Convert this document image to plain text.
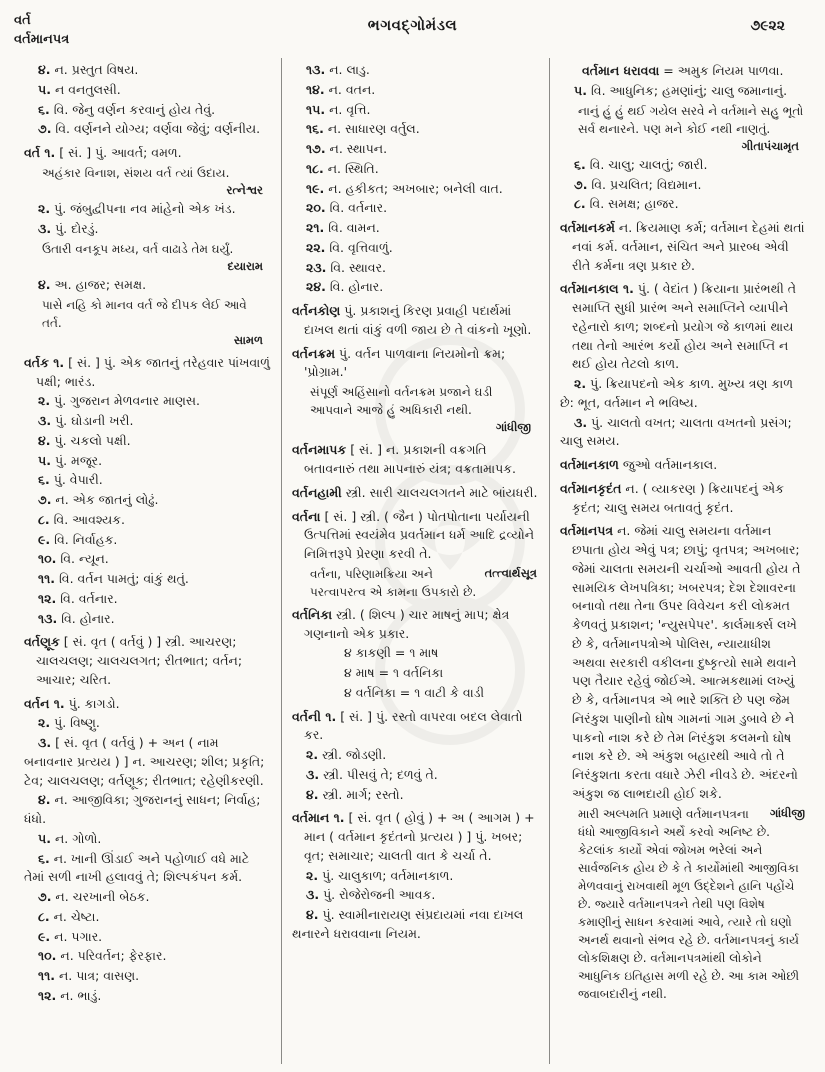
વર્ત
વર્તમાનપત્ર
ભગવદ્ગોમંડલ	૭૯૨૨
૪. ન. પ્રસ્તુત વિષય.
૫. ન વનતુલસી.
૬. વિ. જેનુ વર્ણન કરવાનું હોય તેવું.
૭. વિ. વર્ણનને યોગ્ય; વર્ણવા જેવું; વર્ણનીય.
વર્ત ૧. [ સં. ] પું. આવર્ત; વમળ.
અહંકાર વિનાશ, સંશય વર્ત ત્યાં ઉદાય.
રત્નેશ્વર
૨. પું. જંબુદ્વીપના નવ માંહેનો એક ખંડ.
૩. પું. દોરડું.
ઉતારી વનકૂપ મધ્ય, વર્ત વાઢાડે તેમ ઘર્યું.
દયારામ
૪. અ. હાજર; સમક્ષ.
પાસે નહિ કો માનવ વર્ત જે દીપક લેઈ આવે તર્ત.
સામળ
વર્તક ૧. [ સં. ] પું. એક જાતનું તરેહવાર પાંખવાળું પક્ષી; ભારંડ.
૨. પું. ગુજરાન મેળવનાર માણસ.
૩. પું. ઘોડાની ખરી.
૪. પું. ચકલો પક્ષી.
૫. પું. મજૂર.
૬. પું. વેપારી.
૭. ન. એક જાતનું લોઢું.
૮. વિ. આવશ્યક.
૯. વિ. નિર્વાહક.
૧૦. વિ. ન્યૂન.
૧૧. વિ. વર્તન પામતું; વાંકું થતું.
૧૨. વિ. વર્તનાર.
૧૩. વિ. હોનાર.
વર્તણૂક [ સં. વૃત ( વર્તવું ) ] સ્ત્રી. આચરણ; ચાલચલણ; ચાલચલગત; રીતભાત; વર્તન; આચાર; ચરિત.
વર્તન ૧. પું. કાગડો.
૨. પું. વિષ્ણુ.
૩. [ સં. વૃત ( વર્તવું ) + અન ( નામ બનાવનાર પ્રત્યય ) ] ન. આચરણ; શીલ; પ્રકૃતિ; ટેવ; ચાલચલણ; વર્તણૂક; રીતભાત; રહેણીકરણી.
૪. ન. આજીવિકા; ગુજરાનનું સાધન; નિર્વાહ; ધંધો.
૫. ન. ગોળો.
૬. ન. ખાની ઊંડાઈ અને પહોળાઈ વધે માટે તેમાં સળી નાખી હલાવવું તે; શિલ્પકંપન કર્મ.
૭. ન. ચરખાની બેઠક.
૮. ન. ચેષ્ટા.
૯. ન. પગાર.
૧૦. ન. પરિવર્તન; ફેરફાર.
૧૧. ન. પાત્ર; વાસણ.
૧૨. ન. ભાડું.
૧૩. ન. લાડુ.
૧૪. ન. વતન.
૧૫. ન. વૃત્તિ.
૧૬. ન. સાધારણ વર્તુલ.
૧૭. ન. સ્થાપન.
૧૮. ન. સ્થિતિ.
૧૯. ન. હકીકત; અખબાર; બનેલી વાત.
૨૦. વિ. વર્તનાર.
૨૧. વિ. વામન.
૨૨. વિ. વૃત્તિવાળું.
૨૩. વિ. સ્થાવર.
૨૪. વિ. હોનાર.
વર્તનકોણ પું. પ્રકાશનું કિરણ પ્રવાહી પદાર્થમાં દાખલ થતાં વાંકું વળી જાય છે તે વાંકનો ખૂણો.
વર્તનક્રમ પું. વર્તન પાળવાના નિયમોનો ક્રમ; 'પ્રોગ્રામ.'
સંપૂર્ણ અહિંસાનો વર્તનક્રમ પ્રજાને ઘડી આપવાને આજે હું અધિકારી નથી.
ગાંધીજી
વર્તનમાપક [ સં. ] ન. પ્રકાશની વક્રગતિ બતાવનારું તથા માપનારું યંત્ર; વક્રતામાપક.
વર્તનહામી સ્ત્રી. સારી ચાલચલગતને માટે બાંયધરી.
વર્તના [ સં. ] સ્ત્રી. ( જૈન ) પોતપોતાના પર્યાયની ઉત્પત્તિમાં સ્વયંમેવ પ્રવર્તમાન ધર્મ આદિ દ્રવ્યોને નિમિત્તરૂપે પ્રેરણા કરવી તે.
તત્ત્વાર્થસૂત્ર
વર્તના, પરિણામક્રિયા અને પરત્વાપરત્વ એ કામના ઉપકારો છે.
વર્તનિકા સ્ત્રી. ( શિલ્પ ) ચાર માષનું માપ; ક્ષેત્ર ગણનાનો એક પ્રકાર.
૪ કાકણી = ૧ માષ
૪ માષ = ૧ વર્તનિકા
૪ વર્તનિકા = ૧ વાટી કે વાડી
વર્તની ૧. [ સં. ] પું. રસ્તો વાપરવા બદલ લેવાતો કર.
૨. સ્ત્રી. જોડણી.
૩. સ્ત્રી. પીસવું તે; દળવું તે.
૪. સ્ત્રી. માર્ગ; રસ્તો.
વર્તમાન ૧. [ સં. વૃત ( હોવું ) + અ ( આગમ ) + માન ( વર્તમાન કૃદંતનો પ્રત્યય ) ] પું. ખબર; વૃત; સમાચાર; ચાલતી વાત કે ચર્ચા તે.
૨. પું. ચાલુકાળ; વર્તમાનકાળ.
૩. પું. રોજેરોજની આવક.
૪. પું. સ્વામીનારાયણ સંપ્રદાયમાં નવા દાખલ થનારને ધરાવવાના નિયમ.
વર્તમાન ધરાવવા = અમુક નિયમ પાળવા.
૫. વિ. આધુનિક; હમણાંનું; ચાલુ જમાનાનું.
નાનું હું હું થઈ ગયેલ સરવે ને વર્તમાને સહુ ભૂતો સર્વ થનારને. પણ મને કોઈ નથી નાણતું.
ગીતાપંચામૃત
૬. વિ. ચાલુ; ચાલતું; જારી.
૭. વિ. પ્રચલિત; વિદ્યમાન.
૮. વિ. સમક્ષ; હાજર.
વર્તમાનકર્મ ન. ક્રિયમાણ કર્મ; વર્તમાન દેહમાં થતાં નવાં કર્મ. વર્તમાન, સંચિત અને પ્રારબ્ધ એવી રીતે કર્મના ત્રણ પ્રકાર છે.
વર્તમાનકાલ ૧. પું. ( વેદાંત ) ક્રિયાના પ્રારંભથી તે સમાપ્તિ સુધી પ્રારંભ અને સમાપ્તિને વ્યાપીને રહેનારો કાળ; શબ્દનો પ્રયોગ જે કાળમાં થાય તથા તેનો આરંભ કર્યો હોય અને સમાપ્તિ ન થઈ હોય તેટલો કાળ.
૨. પું. ક્રિયાપદનો એક કાળ. મુખ્ય ત્રણ કાળ છે: ભૂત, વર્તમાન ને ભવિષ્ય.
૩. પું. ચાલતો વખત; ચાલતા વખતનો પ્રસંગ; ચાલુ સમય.
વર્તમાનકાળ જુઓ વર્તમાનકાલ.
વર્તમાનકૃદંત ન. ( વ્યાકરણ ) ક્રિયાપદનું એક કૃદંત; ચાલુ સમય બતાવતું કૃદંત.
વર્તમાનપત્ર ન. જેમાં ચાલુ સમયના વર્તમાન છપાતા હોય એવું પત્ર; છાપું; વૃતપત્ર; અખબાર; જેમાં ચાલતા સમયની ચર્ચાઓ આવતી હોય તે સામયિક લેખપત્રિકા; ખબરપત્ર; દેશ દેશાવરના બનાવો તથા તેના ઉપર વિવેચન કરી લોકમત કેળવતું પ્રકાશન; 'ન્યુસપેપર'. કાર્લમાર્ક્સ લખે છે કે, વર્તમાનપત્રોએ પોલિસ, ન્યાયાધીશ અથવા સરકારી વકીલના દુષ્કૃત્યો સામે થવાને પણ તૈયાર રહેવું જોઈએ. આત્મકથામાં લખ્યું છે કે, વર્તમાનપત્ર એ ભારે શક્તિ છે પણ જેમ નિરંકુશ પાણીનો ઘોષ ગામનાં ગામ ડુબાવે છે ને પાકનો નાશ કરે છે તેમ નિરંકુશ કલમનો ઘોષ નાશ કરે છે. એ અંકુશ બહારથી આવે તો તે નિરંકુશતા કરતા વધારે ઝેરી નીવડે છે. અંદરનો અંકુશ જ લાભદાયી હોઈ શકે.
ગાંધીજી
મારી અલ્પમતિ પ્રમાણે વર્તમાનપત્રના ધંધો આજીવિકાને અર્થે કરવો અનિષ્ટ છે. કેટલાંક કાર્યો એવાં જોખમ ભરેલાં અને સાર્વજનિક હોય છે કે તે કાર્યોમાંથી આજીવિકા મેળવવાનું રાખવાથી મૂળ ઉદ્દેશને હાનિ પહોંચે છે. જ્યારે વર્તમાનપત્રને તેથી પણ વિશેષ કમાણીનું સાધન કરવામાં આવે, ત્યારે તો ઘણો અનર્થ થવાનો સંભવ રહે છે. વર્તમાનપત્રનું કાર્ય લોકશિક્ષણ છે. વર્તમાનપત્રમાંથી લોકોને આધુનિક ઇતિહાસ મળી રહે છે. આ કામ ઓછી જવાબદારીનું નથી.
